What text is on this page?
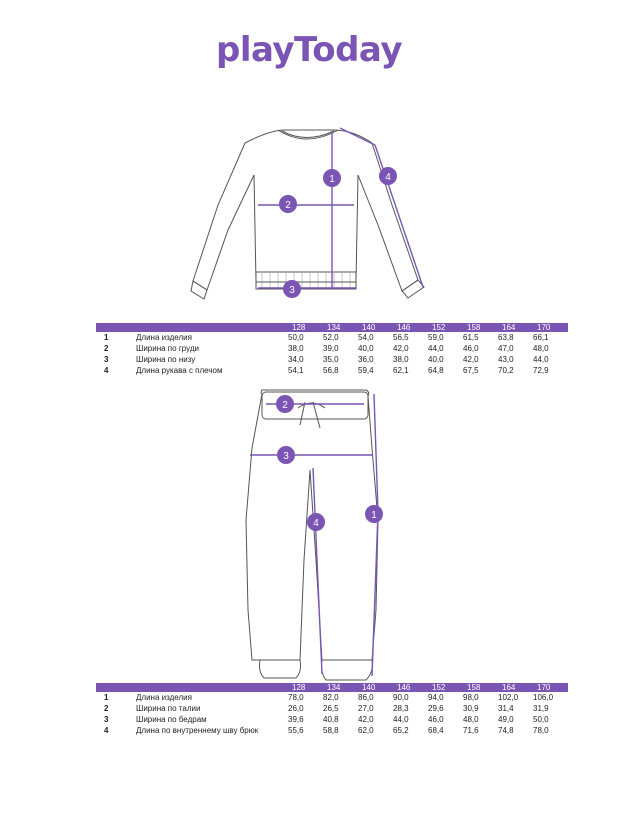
playToday
1
2
3
4
2
3
1
4
		128	134	140	146	152	158	164	170
1	Длина изделия	50,0	52,0	54,0	56,5	59,0	61,5	63,8	66,1
2	Ширина по груди	38,0	39,0	40,0	42,0	44,0	46,0	47,0	48,0
3	Ширина по низу	34,0	35,0	36,0	38,0	40,0	42,0	43,0	44,0
4	Длина рукава с плечом	54,1	56,8	59,4	62,1	64,8	67,5	70,2	72,9
		128	134	140	146	152	158	164	170
1	Длина изделия	78,0	82,0	86,0	90,0	94,0	98,0	102,0	106,0
2	Ширина по талии	26,0	26,5	27,0	28,3	29,6	30,9	31,4	31,9
3	Ширина по бедрам	39,6	40,8	42,0	44,0	46,0	48,0	49,0	50,0
4	Длина по внутреннему шву брюк	55,6	58,8	62,0	65,2	68,4	71,6	74,8	78,0
